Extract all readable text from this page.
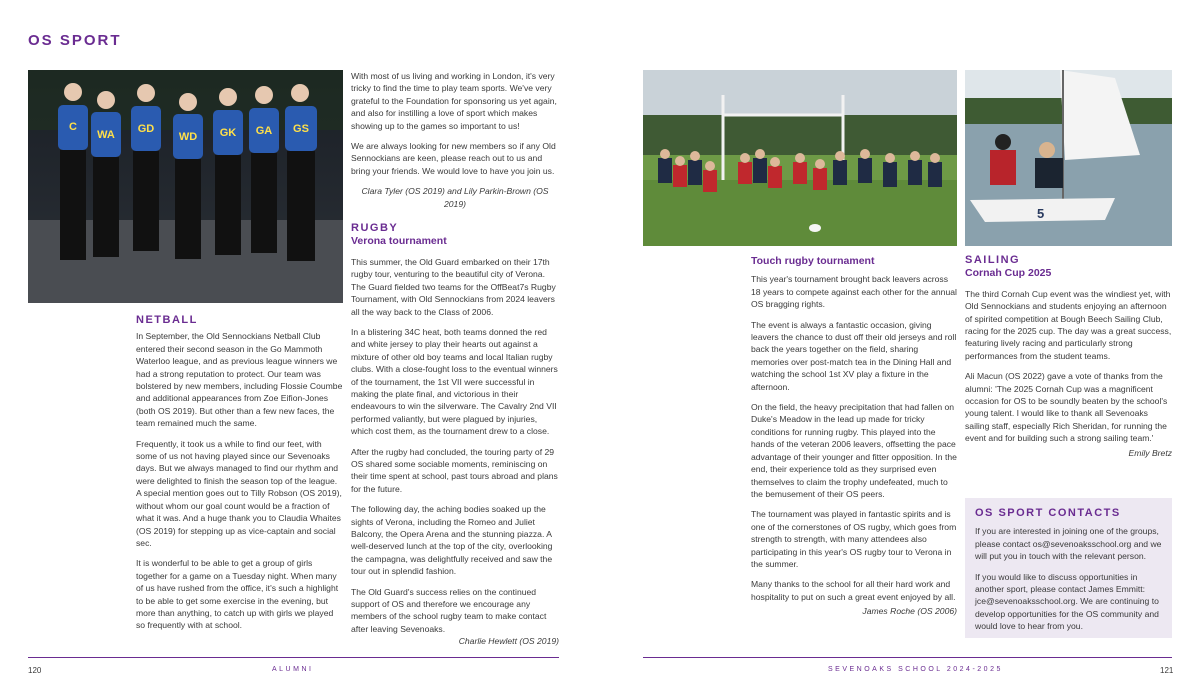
OS SPORT
C
WA GD
WD GK GA GS
NETBALL

In September, the Old Sennockians Netball Club entered their second season in the Go Mammoth Waterloo league, and as previous league winners we had a strong reputation to protect. Our team was bolstered by new members, including Flossie Coumbe and additional appearances from Zoe Eifion-Jones (both OS 2019). But other than a few new faces, the team remained much the same.

Frequently, it took us a while to find our feet, with some of us not having played since our Sevenoaks days. But we always managed to find our rhythm and were delighted to finish the season top of the league. A special mention goes out to Tilly Robson (OS 2019), without whom our goal count would be a fraction of what it was. And a huge thank you to Claudia Whaites (OS 2019) for stepping up as vice-captain and social sec.

It is wonderful to be able to get a group of girls together for a game on a Tuesday night. When many of us have rushed from the office, it's such a highlight to be able to get some exercise in the evening, but more than anything, to catch up with girls we played so frequently with at school.

With most of us living and working in London, it's very tricky to find the time to play team sports. We've very grateful to the Foundation for sponsoring us yet again, and also for instilling a love of sport which makes showing up to the games so important to us!

We are always looking for new members so if any Old Sennockians are keen, please reach out to us and bring your friends. We would love to have you join us.

Clara Tyler (OS 2019) and Lily Parkin-Brown (OS 2019)

RUGBY
Verona tournament

This summer, the Old Guard embarked on their 17th rugby tour, venturing to the beautiful city of Verona. The Guard fielded two teams for the OffBeat7s Rugby Tournament, with Old Sennockians from 2024 leavers all the way back to the Class of 2006.

In a blistering 34C heat, both teams donned the red and white jersey to play their hearts out against a mixture of other old boy teams and local Italian rugby clubs. With a close-fought loss to the eventual winners of the tournament, the 1st VII were successful in making the plate final, and victorious in their endeavours to win the silverware. The Cavalry 2nd VII performed valiantly, but were plagued by injuries, which cost them, as the tournament drew to a close.

After the rugby had concluded, the touring party of 29 OS shared some sociable moments, reminiscing on their time spent at school, past tours abroad and plans for the future.

The following day, the aching bodies soaked up the sights of Verona, including the Romeo and Juliet Balcony, the Opera Arena and the stunning piazza. A well-deserved lunch at the top of the city, overlooking the campagna, was delightfully received and saw the tour out in splendid fashion.

The Old Guard's success relies on the continued support of OS and therefore we encourage any members of the school rugby team to make contact after leaving Sevenoaks.

Charlie Hewlett (OS 2019)

120	ALUMNI
5
Touch rugby tournament

This year's tournament brought back leavers across 18 years to compete against each other for the annual OS bragging rights.

The event is always a fantastic occasion, giving leavers the chance to dust off their old jerseys and roll back the years together on the field, sharing memories over post-match tea in the Dining Hall and watching the school 1st XV play a fixture in the afternoon.

On the field, the heavy precipitation that had fallen on Duke's Meadow in the lead up made for tricky conditions for running rugby. This played into the hands of the veteran 2006 leavers, offsetting the pace advantage of their younger and fitter opposition. In the end, their experience told as they surprised even themselves to claim the trophy undefeated, much to the bemusement of their OS peers.

The tournament was played in fantastic spirits and is one of the cornerstones of OS rugby, which goes from strength to strength, with many attendees also participating in this year's OS rugby tour to Verona in the summer.

Many thanks to the school for all their hard work and hospitality to put on such a great event enjoyed by all.

James Roche (OS 2006)

SAILING
Cornah Cup 2025

The third Cornah Cup event was the windiest yet, with Old Sennockians and students enjoying an afternoon of spirited competition at Bough Beech Sailing Club, racing for the 2025 cup. The day was a great success, featuring lively racing and particularly strong performances from the student teams.

Ali Macun (OS 2022) gave a vote of thanks from the alumni: 'The 2025 Cornah Cup was a magnificent occasion for OS to be soundly beaten by the school's young talent. I would like to thank all Sevenoaks sailing staff, especially Rich Sheridan, for running the event and for building such a strong sailing team.'

Emily Bretz

OS SPORT CONTACTS

If you are interested in joining one of the groups, please contact os@sevenoaksschool.org and we will put you in touch with the relevant person.

If you would like to discuss opportunities in another sport, please contact James Emmitt: jce@sevenoaksschool.org. We are continuing to develop opportunities for the OS community and would love to hear from you.

SEVENOAKS SCHOOL 2024-2025	121
